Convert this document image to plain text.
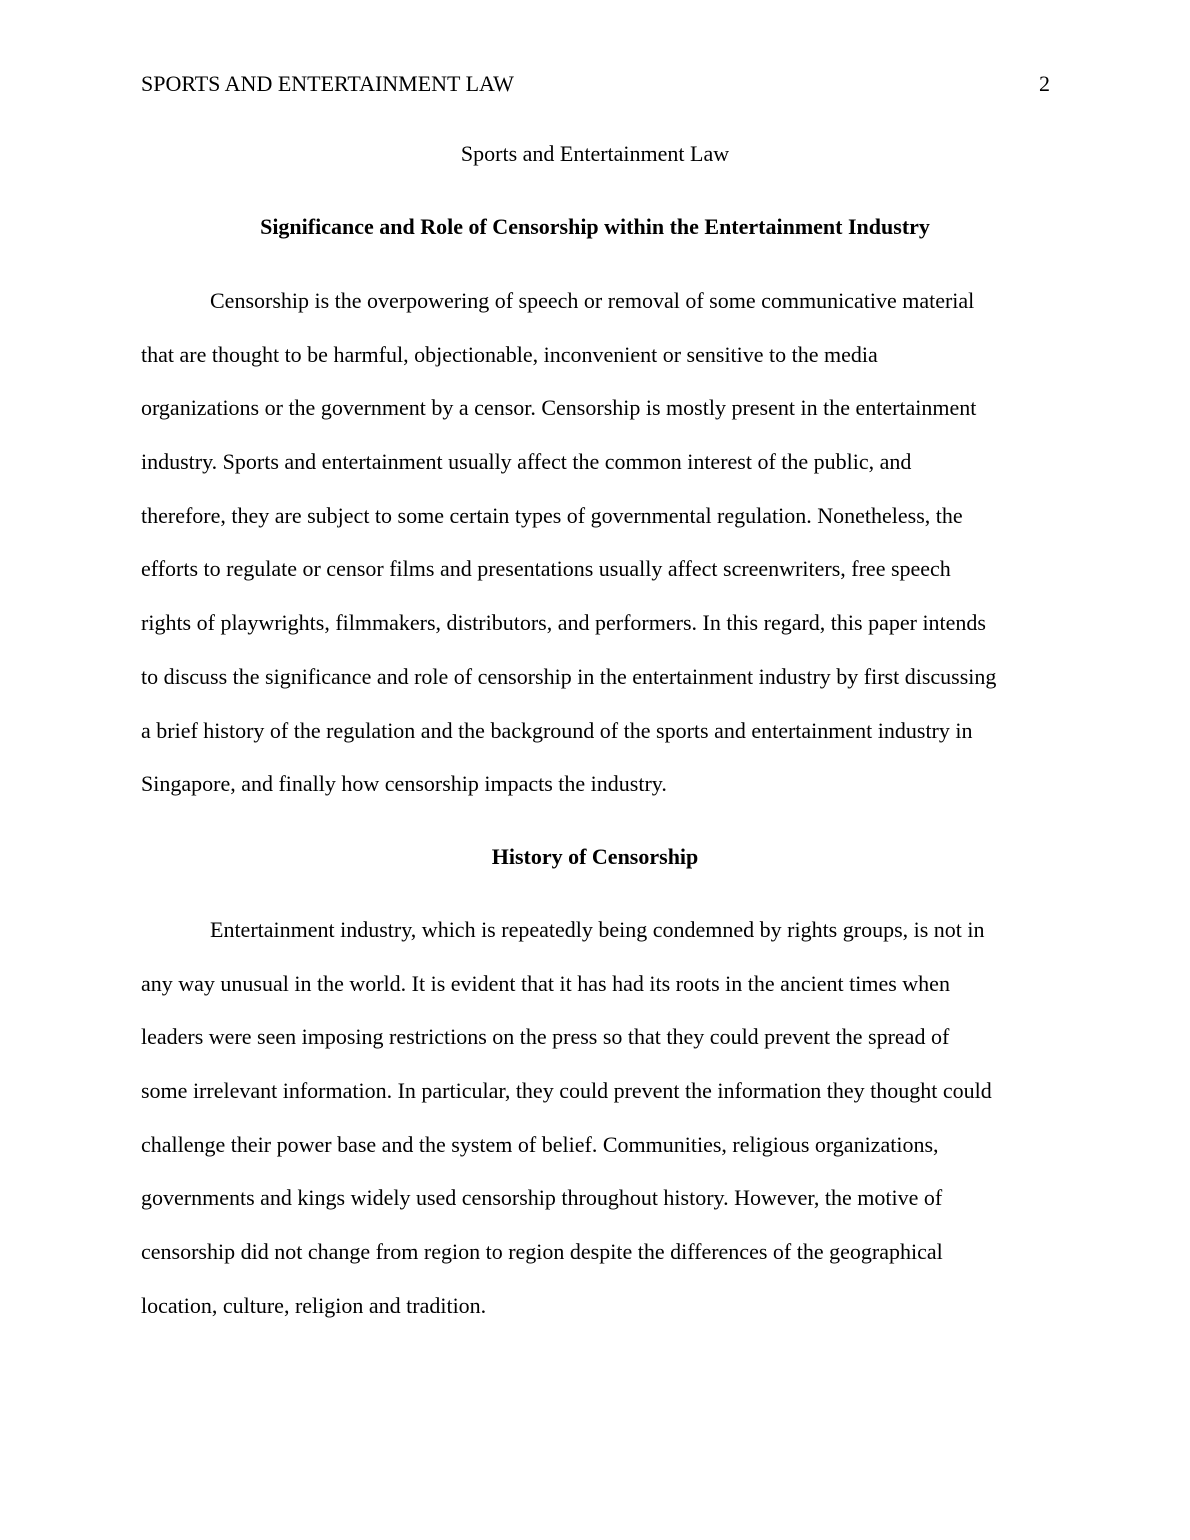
SPORTS AND ENTERTAINMENT LAW	2
Sports and Entertainment Law
Significance and Role of Censorship within the Entertainment Industry
Censorship is the overpowering of speech or removal of some communicative material
that are thought to be harmful, objectionable, inconvenient or sensitive to the media
organizations or the government by a censor. Censorship is mostly present in the entertainment
industry. Sports and entertainment usually affect the common interest of the public, and
therefore, they are subject to some certain types of governmental regulation. Nonetheless, the
efforts to regulate or censor films and presentations usually affect screenwriters, free speech
rights of playwrights, filmmakers, distributors, and performers. In this regard, this paper intends
to discuss the significance and role of censorship in the entertainment industry by first discussing
a brief history of the regulation and the background of the sports and entertainment industry in
Singapore, and finally how censorship impacts the industry.
History of Censorship
Entertainment industry, which is repeatedly being condemned by rights groups, is not in
any way unusual in the world. It is evident that it has had its roots in the ancient times when
leaders were seen imposing restrictions on the press so that they could prevent the spread of
some irrelevant information. In particular, they could prevent the information they thought could
challenge their power base and the system of belief. Communities, religious organizations,
governments and kings widely used censorship throughout history. However, the motive of
censorship did not change from region to region despite the differences of the geographical
location, culture, religion and tradition.
